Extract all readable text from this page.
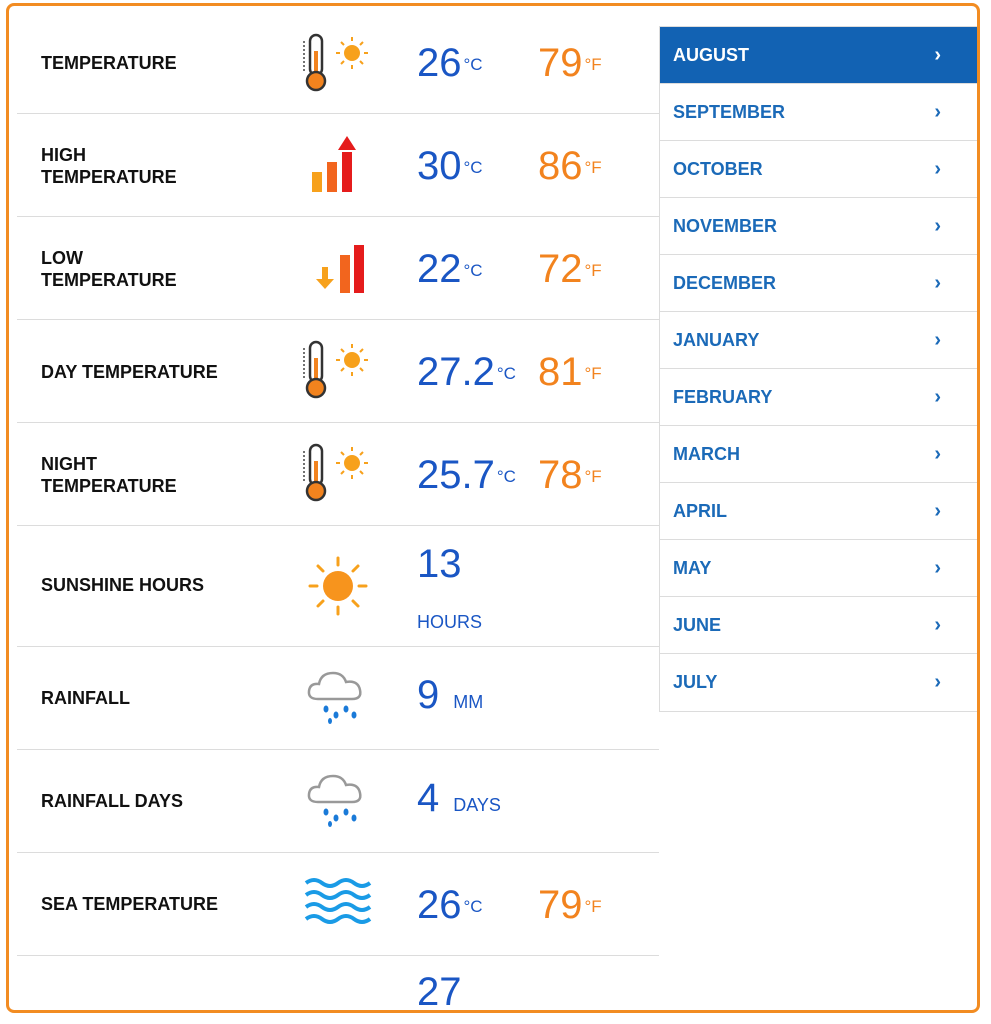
TEMPERATURE	26 $^{^\circ C}$ 79 $^{^\circ F}$
HIGH TEMPERATURE	30 $^{^\circ C}$ 86 $^{^\circ F}$
LOW TEMPERATURE	22 $^{^\circ C}$ 72 $^{^\circ F}$
DAY TEMPERATURE	27.2 $^{^\circ C}$ 81 $^{^\circ F}$
NIGHT TEMPERATURE	25.7 $^{^\circ C}$ 78 $^{^\circ F}$
SUNSHINE HOURS	13
HOURS
RAINFALL	9 MM
RAINFALL DAYS	4 DAYS
SEA TEMPERATURE	26 $^{^\circ C}$ 79 $^{^\circ F}$
27
AUGUST	›
SEPTEMBER	›
OCTOBER	›
NOVEMBER	›
DECEMBER	›
JANUARY	›
FEBRUARY	›
MARCH	›
APRIL	›
MAY	›
JUNE	›
JULY	›
